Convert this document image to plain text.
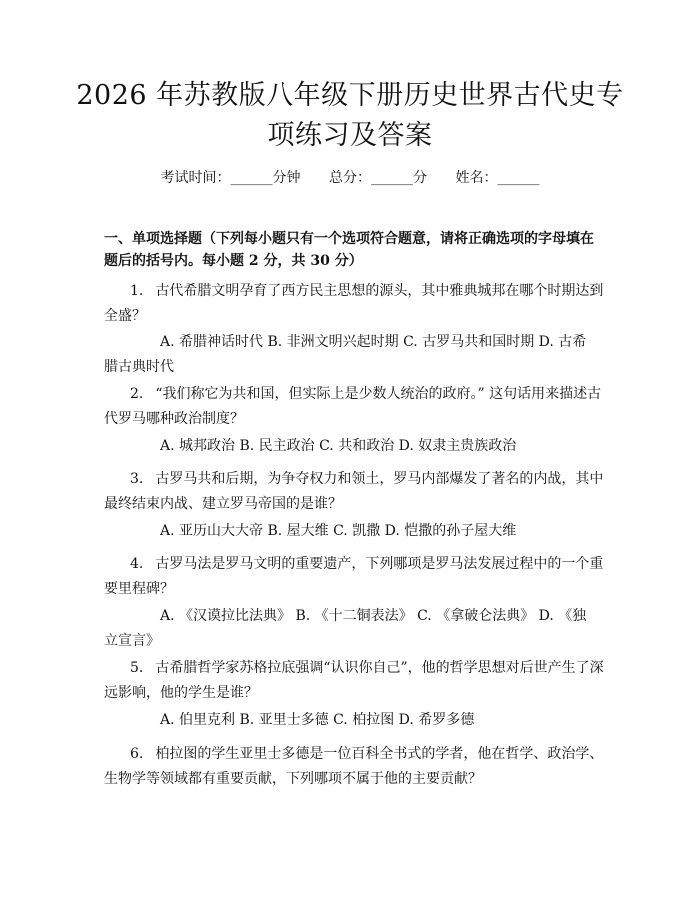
2026 年苏教版八年级下册历史世界古代史专项练习及答案
考试时间：______分钟 总分：______分 姓名：______
一、单项选择题（下列每小题只有一个选项符合题意，请将正确选项的字母填在题后的括号内。每小题 2 分，共 30 分）
1. 古代希腊文明孕育了西方民主思想的源头，其中雅典城邦在哪个时期达到全盛？
A. 希腊神话时代 B. 非洲文明兴起时期 C. 古罗马共和国时期 D. 古希腊古典时代
2. “我们称它为共和国，但实际上是少数人统治的政府。” 这句话用来描述古代罗马哪种政治制度？
A. 城邦政治 B. 民主政治 C. 共和政治 D. 奴隶主贵族政治
3. 古罗马共和后期，为争夺权力和领土，罗马内部爆发了著名的内战，其中最终结束内战、建立罗马帝国的是谁？
A. 亚历山大大帝 B. 屋大维 C. 凯撒 D. 恺撒的孙子屋大维
4. 古罗马法是罗马文明的重要遗产，下列哪项是罗马法发展过程中的一个重要里程碑？
A. 《汉谟拉比法典》 B. 《十二铜表法》 C. 《拿破仑法典》 D. 《独立宣言》
5. 古希腊哲学家苏格拉底强调“认识你自己”，他的哲学思想对后世产生了深远影响，他的学生是谁？
A. 伯里克利 B. 亚里士多德 C. 柏拉图 D. 希罗多德
6. 柏拉图的学生亚里士多德是一位百科全书式的学者，他在哲学、政治学、生物学等领域都有重要贡献，下列哪项不属于他的主要贡献？
